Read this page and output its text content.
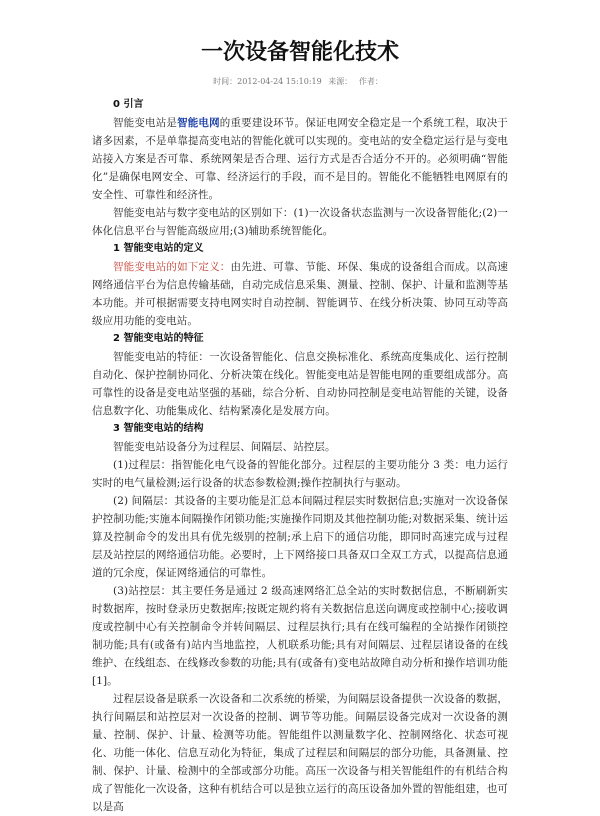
一次设备智能化技术
时间：2012-04-24 15:10:19 来源： 作者：
0 引言

智能变电站是智能电网的重要建设环节。保证电网安全稳定是一个系统工程，取决于诸多因素，不是单靠提高变电站的智能化就可以实现的。变电站的安全稳定运行是与变电站接入方案是否可靠、系统网架是否合理、运行方式是否合适分不开的。必须明确“智能化”是确保电网安全、可靠、经济运行的手段，而不是目的。智能化不能牺牲电网原有的安全性、可靠性和经济性。

智能变电站与数字变电站的区别如下：(1)一次设备状态监测与一次设备智能化;(2)一体化信息平台与智能高级应用;(3)辅助系统智能化。

1 智能变电站的定义

智能变电站的如下定义：由先进、可靠、节能、环保、集成的设备组合而成。以高速网络通信平台为信息传输基础，自动完成信息采集、测量、控制、保护、计量和监测等基本功能。并可根据需要支持电网实时自动控制、智能调节、在线分析决策、协同互动等高级应用功能的变电站。

2 智能变电站的特征

智能变电站的特征：一次设备智能化、信息交换标准化、系统高度集成化、运行控制自动化、保护控制协同化、分析决策在线化。智能变电站是智能电网的重要组成部分。高可靠性的设备是变电站坚强的基础，综合分析、自动协同控制是变电站智能的关键，设备信息数字化、功能集成化、结构紧凑化是发展方向。

3 智能变电站的结构

智能变电站设备分为过程层、间隔层、站控层。

(1)过程层：指智能化电气设备的智能化部分。过程层的主要功能分 3 类：电力运行实时的电气量检测;运行设备的状态参数检测;操作控制执行与驱动。

(2) 间隔层：其设备的主要功能是汇总本间隔过程层实时数据信息;实施对一次设备保护控制功能;实施本间隔操作闭锁功能;实施操作同期及其他控制功能;对数据采集、统计运算及控制命令的发出具有优先级别的控制;承上启下的通信功能，即同时高速完成与过程层及站控层的网络通信功能。必要时，上下网络接口具备双口全双工方式，以提高信息通道的冗余度，保证网络通信的可靠性。

(3)站控层：其主要任务是通过 2 级高速网络汇总全站的实时数据信息，不断刷新实时数据库，按时登录历史数据库;按既定规约将有关数据信息送向调度或控制中心;接收调度或控制中心有关控制命令并转间隔层、过程层执行;具有在线可编程的全站操作闭锁控制功能;具有(或备有)站内当地监控，人机联系功能;具有对间隔层、过程层诸设备的在线维护、在线组态、在线修改参数的功能;具有(或备有)变电站故障自动分析和操作培训功能[1]。

过程层设备是联系一次设备和二次系统的桥梁，为间隔层设备提供一次设备的数据，执行间隔层和站控层对一次设备的控制、调节等功能。间隔层设备完成对一次设备的测量、控制、保护、计量、检测等功能。智能组件以测量数字化、控制网络化、状态可视化、功能一体化、信息互动化为特征，集成了过程层和间隔层的部分功能，具备测量、控制、保护、计量、检测中的全部或部分功能。高压一次设备与相关智能组件的有机结合构成了智能化一次设备，这种有机结合可以是独立运行的高压设备加外置的智能组建，也可以是高
